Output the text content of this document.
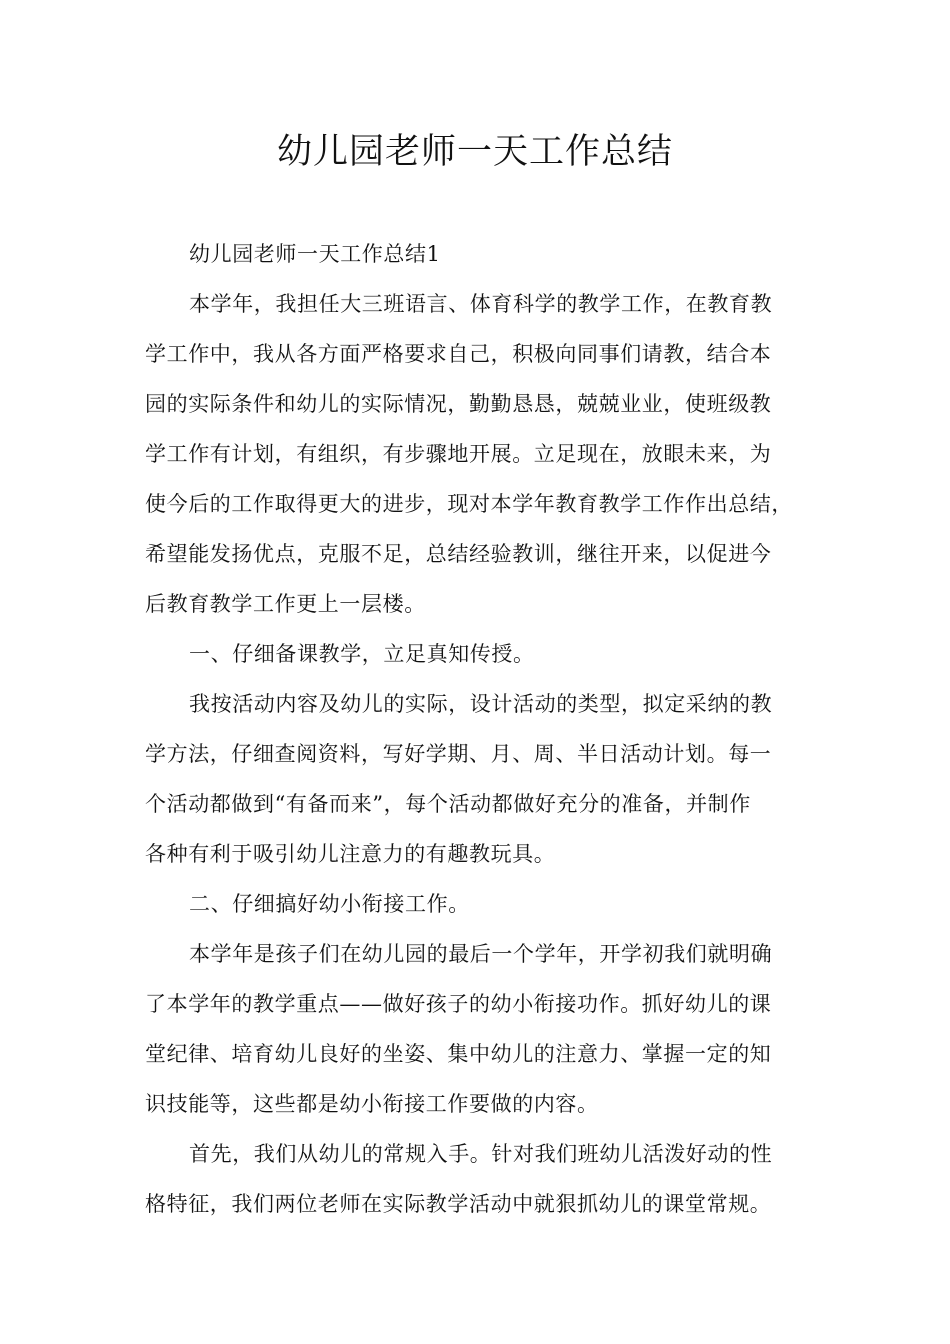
幼儿园老师一天工作总结

幼儿园老师一天工作总结1

本学年，我担任大三班语言、体育科学的教学工作，在教育教
学工作中，我从各方面严格要求自己，积极向同事们请教，结合本
园的实际条件和幼儿的实际情况，勤勤恳恳，兢兢业业，使班级教
学工作有计划，有组织，有步骤地开展。立足现在，放眼未来，为
使今后的工作取得更大的进步，现对本学年教育教学工作作出总结，
希望能发扬优点，克服不足，总结经验教训，继往开来，以促进今
后教育教学工作更上一层楼。

一、仔细备课教学，立足真知传授。

我按活动内容及幼儿的实际，设计活动的类型，拟定采纳的教
学方法，仔细查阅资料，写好学期、月、周、半日活动计划。每一
个活动都做到“有备而来”，每个活动都做好充分的准备，并制作
各种有利于吸引幼儿注意力的有趣教玩具。

二、仔细搞好幼小衔接工作。

本学年是孩子们在幼儿园的最后一个学年，开学初我们就明确
了本学年的教学重点——做好孩子的幼小衔接功作。抓好幼儿的课
堂纪律、培育幼儿良好的坐姿、集中幼儿的注意力、掌握一定的知
识技能等，这些都是幼小衔接工作要做的内容。

首先，我们从幼儿的常规入手。针对我们班幼儿活泼好动的性
格特征，我们两位老师在实际教学活动中就狠抓幼儿的课堂常规。
